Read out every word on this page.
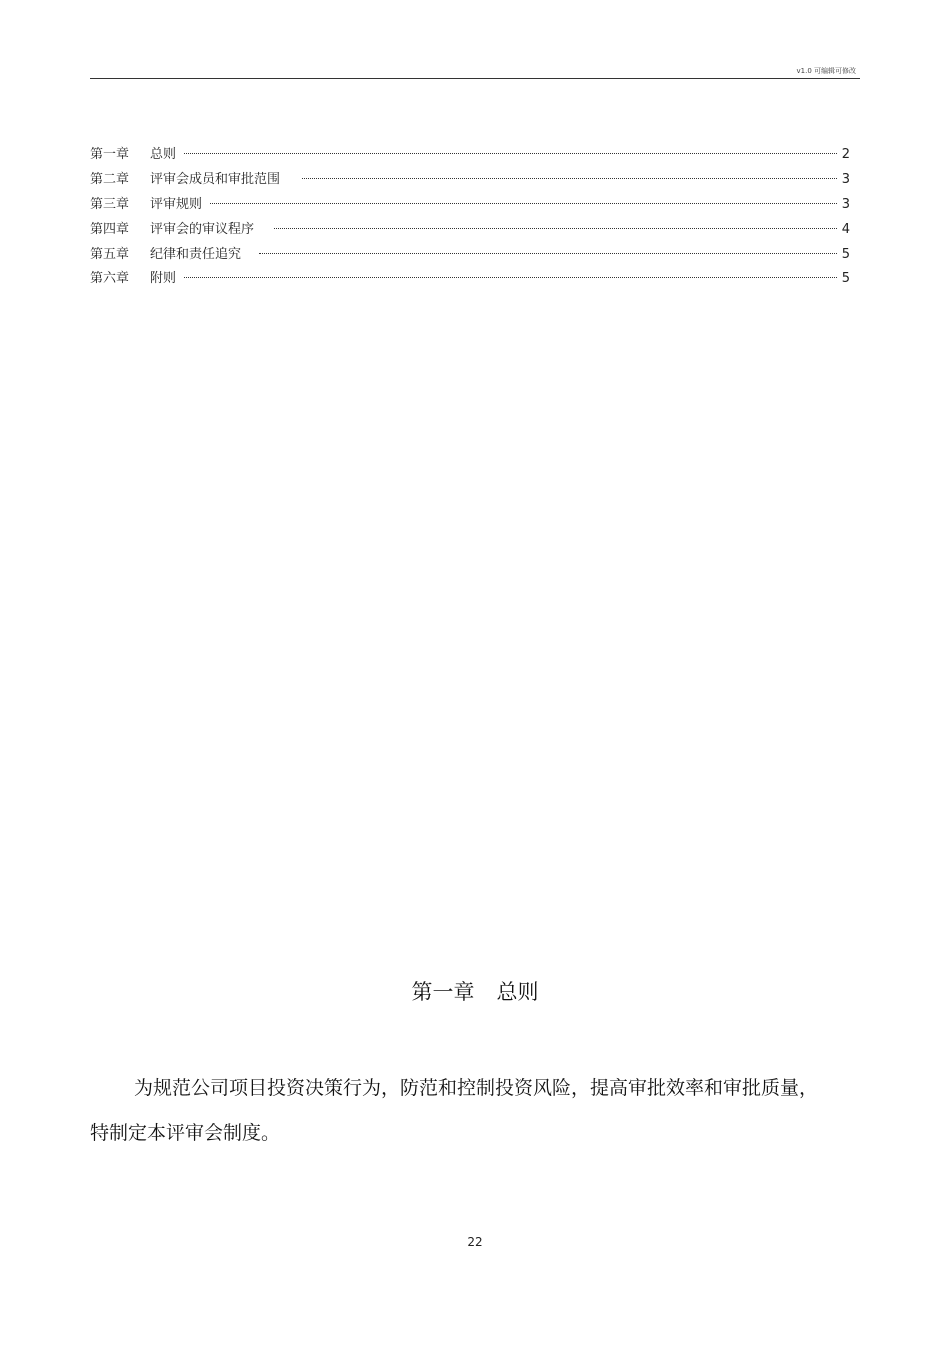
v1.0 可编辑可修改
第一章	总则	2
第二章	评审会成员和审批范围	3
第三章	评审规则	3
第四章	评审会的审议程序	4
第五章	纪律和责任追究	5
第六章	附则	5
第一章 总则

为规范公司项目投资决策行为，防范和控制投资风险，提高审批效率和审批质量，特制定本评审会制度。

22
